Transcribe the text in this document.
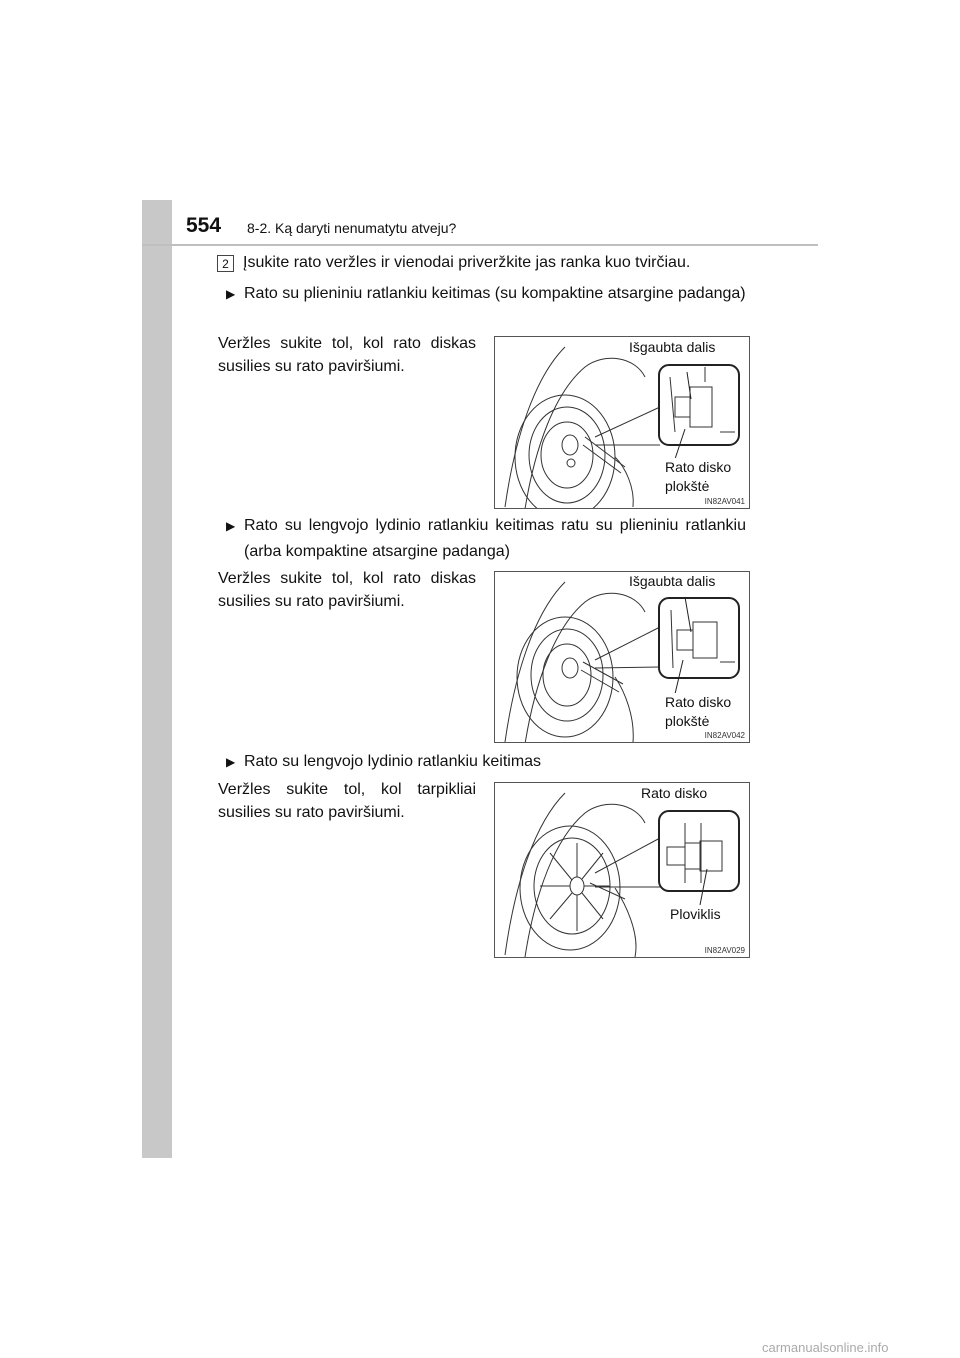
554 8-2. Ką daryti nenumatytu atveju?
2 Įsukite rato veržles ir vienodai priveržkite jas ranka kuo tvirčiau.
▶ Rato su plieniniu ratlankiu keitimas (su kompaktine atsargine padanga)
Veržles sukite tol, kol rato diskas susilies su rato paviršiumi.
Išgaubta dalis
Rato disko plokštė
IN82AV041
▶ Rato su lengvojo lydinio ratlankiu keitimas ratu su plieniniu ratlankiu (arba kompaktine atsargine padanga)
Veržles sukite tol, kol rato diskas susilies su rato paviršiumi.
Išgaubta dalis
Rato disko plokštė
IN82AV042
▶ Rato su lengvojo lydinio ratlankiu keitimas
Veržles sukite tol, kol tarpikliai susilies su rato paviršiumi.
Rato disko
Ploviklis
IN82AV029
carmanualsonline.info
